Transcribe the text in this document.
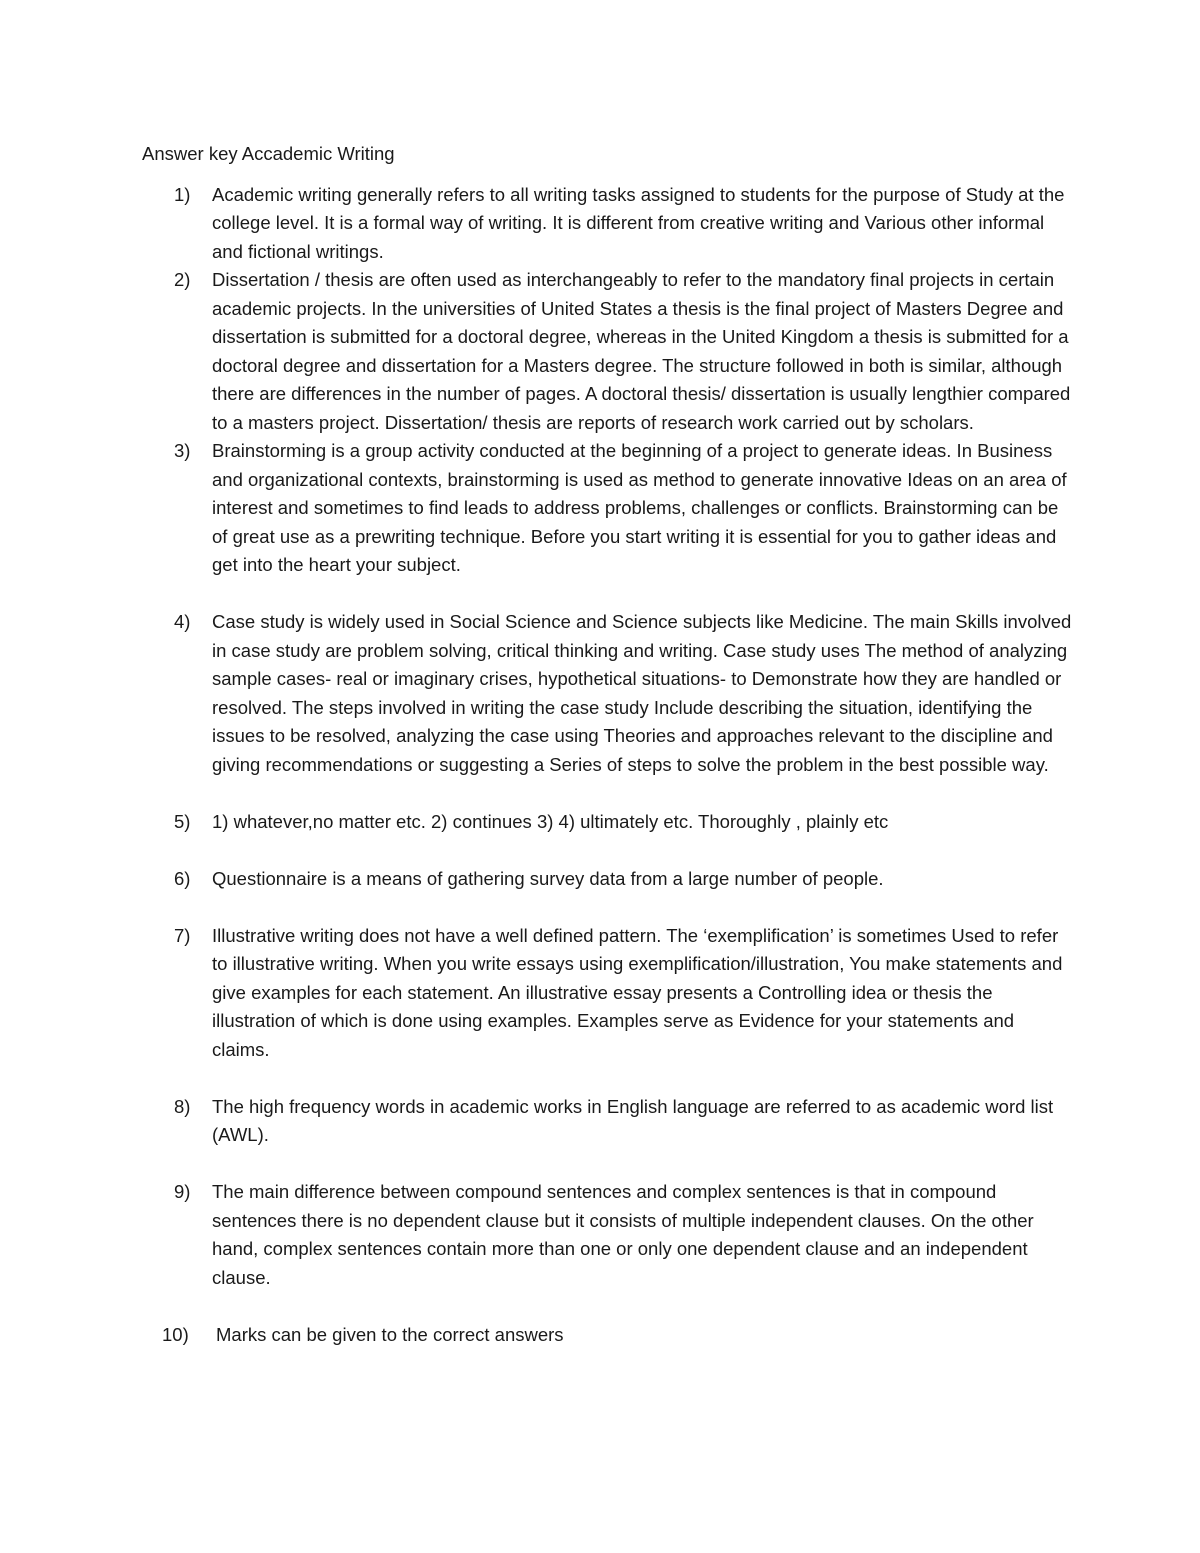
Answer key Accademic Writing

1)	Academic writing generally refers to all writing tasks assigned to students for the purpose of Study at the college level. It is a formal way of writing. It is different from creative writing and Various other informal and fictional writings.

2)	Dissertation / thesis are often used as interchangeably to refer to the mandatory final projects in certain academic projects. In the universities of United States a thesis is the final project of Masters Degree and dissertation is submitted for a doctoral degree, whereas in the United Kingdom a thesis is submitted for a doctoral degree and dissertation for a Masters degree. The structure followed in both is similar, although there are differences in the number of pages. A doctoral thesis/ dissertation is usually lengthier compared to a masters project. Dissertation/ thesis are reports of research work carried out by scholars.

3)	Brainstorming is a group activity conducted at the beginning of a project to generate ideas. In Business and organizational contexts, brainstorming is used as method to generate innovative Ideas on an area of interest and sometimes to find leads to address problems, challenges or conflicts. Brainstorming can be of great use as a prewriting technique. Before you start writing it is essential for you to gather ideas and get into the heart your subject.

4)	Case study is widely used in Social Science and Science subjects like Medicine. The main Skills involved in case study are problem solving, critical thinking and writing. Case study uses The method of analyzing sample cases- real or imaginary crises, hypothetical situations- to Demonstrate how they are handled or resolved. The steps involved in writing the case study Include describing the situation, identifying the issues to be resolved, analyzing the case using Theories and approaches relevant to the discipline and giving recommendations or suggesting a Series of steps to solve the problem in the best possible way.

5)	1) whatever,no matter etc. 2) continues 3) 4) ultimately etc. Thoroughly , plainly etc

6)	Questionnaire is a means of gathering survey data from a large number of people.

7)	Illustrative writing does not have a well defined pattern. The ‘exemplification’ is sometimes Used to refer to illustrative writing. When you write essays using exemplification/illustration, You make statements and give examples for each statement. An illustrative essay presents a Controlling idea or thesis the illustration of which is done using examples. Examples serve as Evidence for your statements and claims.

8)	The high frequency words in academic works in English language are referred to as academic word list (AWL).

9)	The main difference between compound sentences and complex sentences is that in compound sentences there is no dependent clause but it consists of multiple independent clauses. On the other hand, complex sentences contain more than one or only one dependent clause and an independent clause.

10)	Marks can be given to the correct answers
